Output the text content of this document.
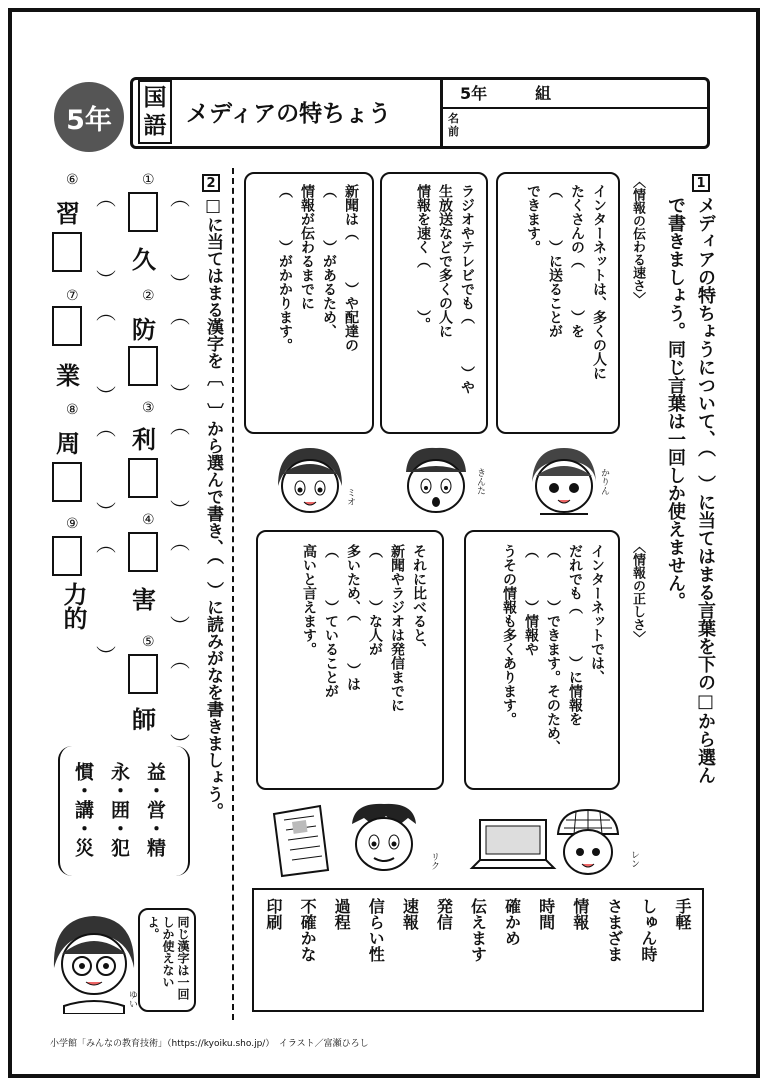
5年
国
語 メディアの特ちょう
5年　　　組
名前
1
メディアの特ちょうについて、（　）に当てはまる言葉を下の□から選んで書きましょう。同じ言葉は一回しか使えません。
〈情報の伝わる速さ〉
インターネットは、多くの人に
たくさんの（　　　）を
（　　　）に送ることが
できます。
ラジオやテレビでも（　　　）や
生放送などで多くの人に
情報を速く（　　　）。
新聞は（　　　）や配達の
（　　　）があるため、
情報が伝わるまでに
（　　　）がかかります。
かりん
きんた
ミオ
〈情報の正しさ〉
インターネットでは、
だれでも（　　　）に情報を
（　　　）できます。そのため、
（　　　）情報や
うその情報も多くあります。
それに比べると、
新聞やラジオは発信までに
（　　　）な人が
多いため、（　　　）は
（　　　）ていることが
高いと言えます。
レン
リク
手軽
しゅん時
さまざま
情報
時間
確かめ
伝えます
発信
速報
信らい性
過程
不確かな
印刷
2
□に当てはまる漢字を〔　〕から選んで書き、（　）に読みがなを書きましょう。
①
久
②
防
③
利
④
害
⑤
師
︵
︶
︵
︶
︵
︶
︵
︶
︵
︶
⑥
習
⑦
業
⑧
周
⑨
力的
︵
︶
︵
︶
︵
︶
︵
︶
益・営・精
永・囲・犯
慣・講・災
ゆい	同じ漢字は一回しか使えないよ。
小学館「みんなの教育技術」（https://kyoiku.sho.jp/）　イラスト／富瀬ひろし
